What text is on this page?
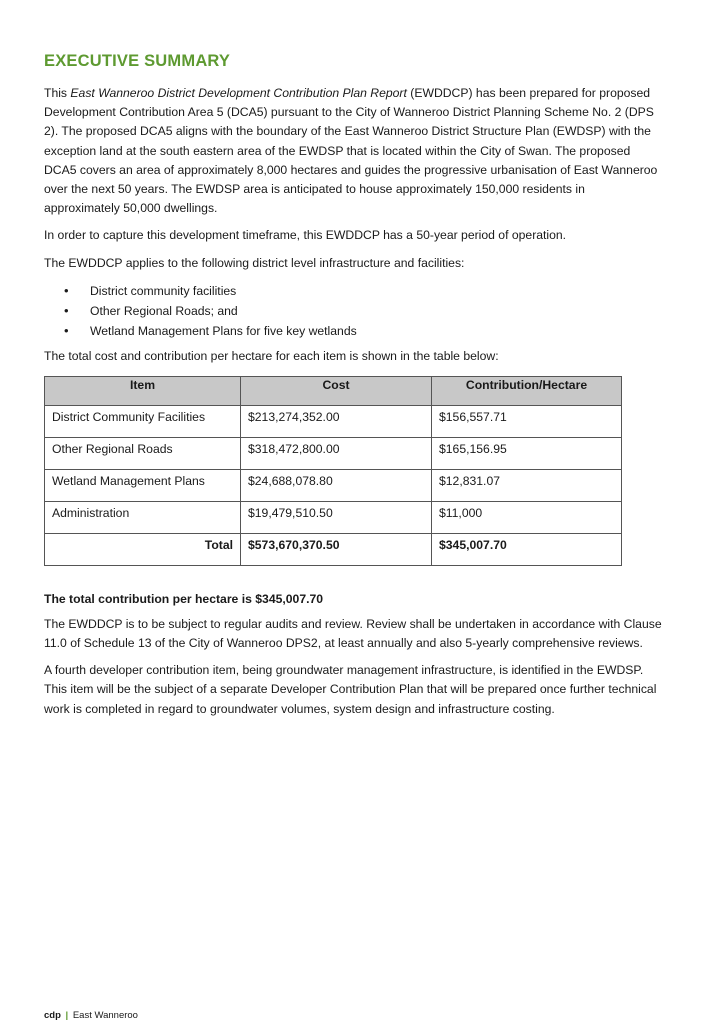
EXECUTIVE SUMMARY

This East Wanneroo District Development Contribution Plan Report (EWDDCP) has been prepared for proposed Development Contribution Area 5 (DCA5) pursuant to the City of Wanneroo District Planning Scheme No. 2 (DPS 2). The proposed DCA5 aligns with the boundary of the East Wanneroo District Structure Plan (EWDSP) with the exception land at the south eastern area of the EWDSP that is located within the City of Swan. The proposed DCA5 covers an area of approximately 8,000 hectares and guides the progressive urbanisation of East Wanneroo over the next 50 years. The EWDSP area is anticipated to house approximately 150,000 residents in approximately 50,000 dwellings.

In order to capture this development timeframe, this EWDDCP has a 50-year period of operation.

The EWDDCP applies to the following district level infrastructure and facilities:

• District community facilities
• Other Regional Roads; and
• Wetland Management Plans for five key wetlands

The total cost and contribution per hectare for each item is shown in the table below:

Item	Cost	Contribution/Hectare
District Community Facilities	$213,274,352.00	$156,557.71
Other Regional Roads	$318,472,800.00	$165,156.95
Wetland Management Plans	$24,688,078.80	$12,831.07
Administration	$19,479,510.50	$11,000
Total	$573,670,370.50	$345,007.70

The total contribution per hectare is $345,007.70

The EWDDCP is to be subject to regular audits and review. Review shall be undertaken in accordance with Clause 11.0 of Schedule 13 of the City of Wanneroo DPS2, at least annually and also 5-yearly comprehensive reviews.

A fourth developer contribution item, being groundwater management infrastructure, is identified in the EWDSP. This item will be the subject of a separate Developer Contribution Plan that will be prepared once further technical work is completed in regard to groundwater volumes, system design and infrastructure costing.

cdp | East Wanneroo
